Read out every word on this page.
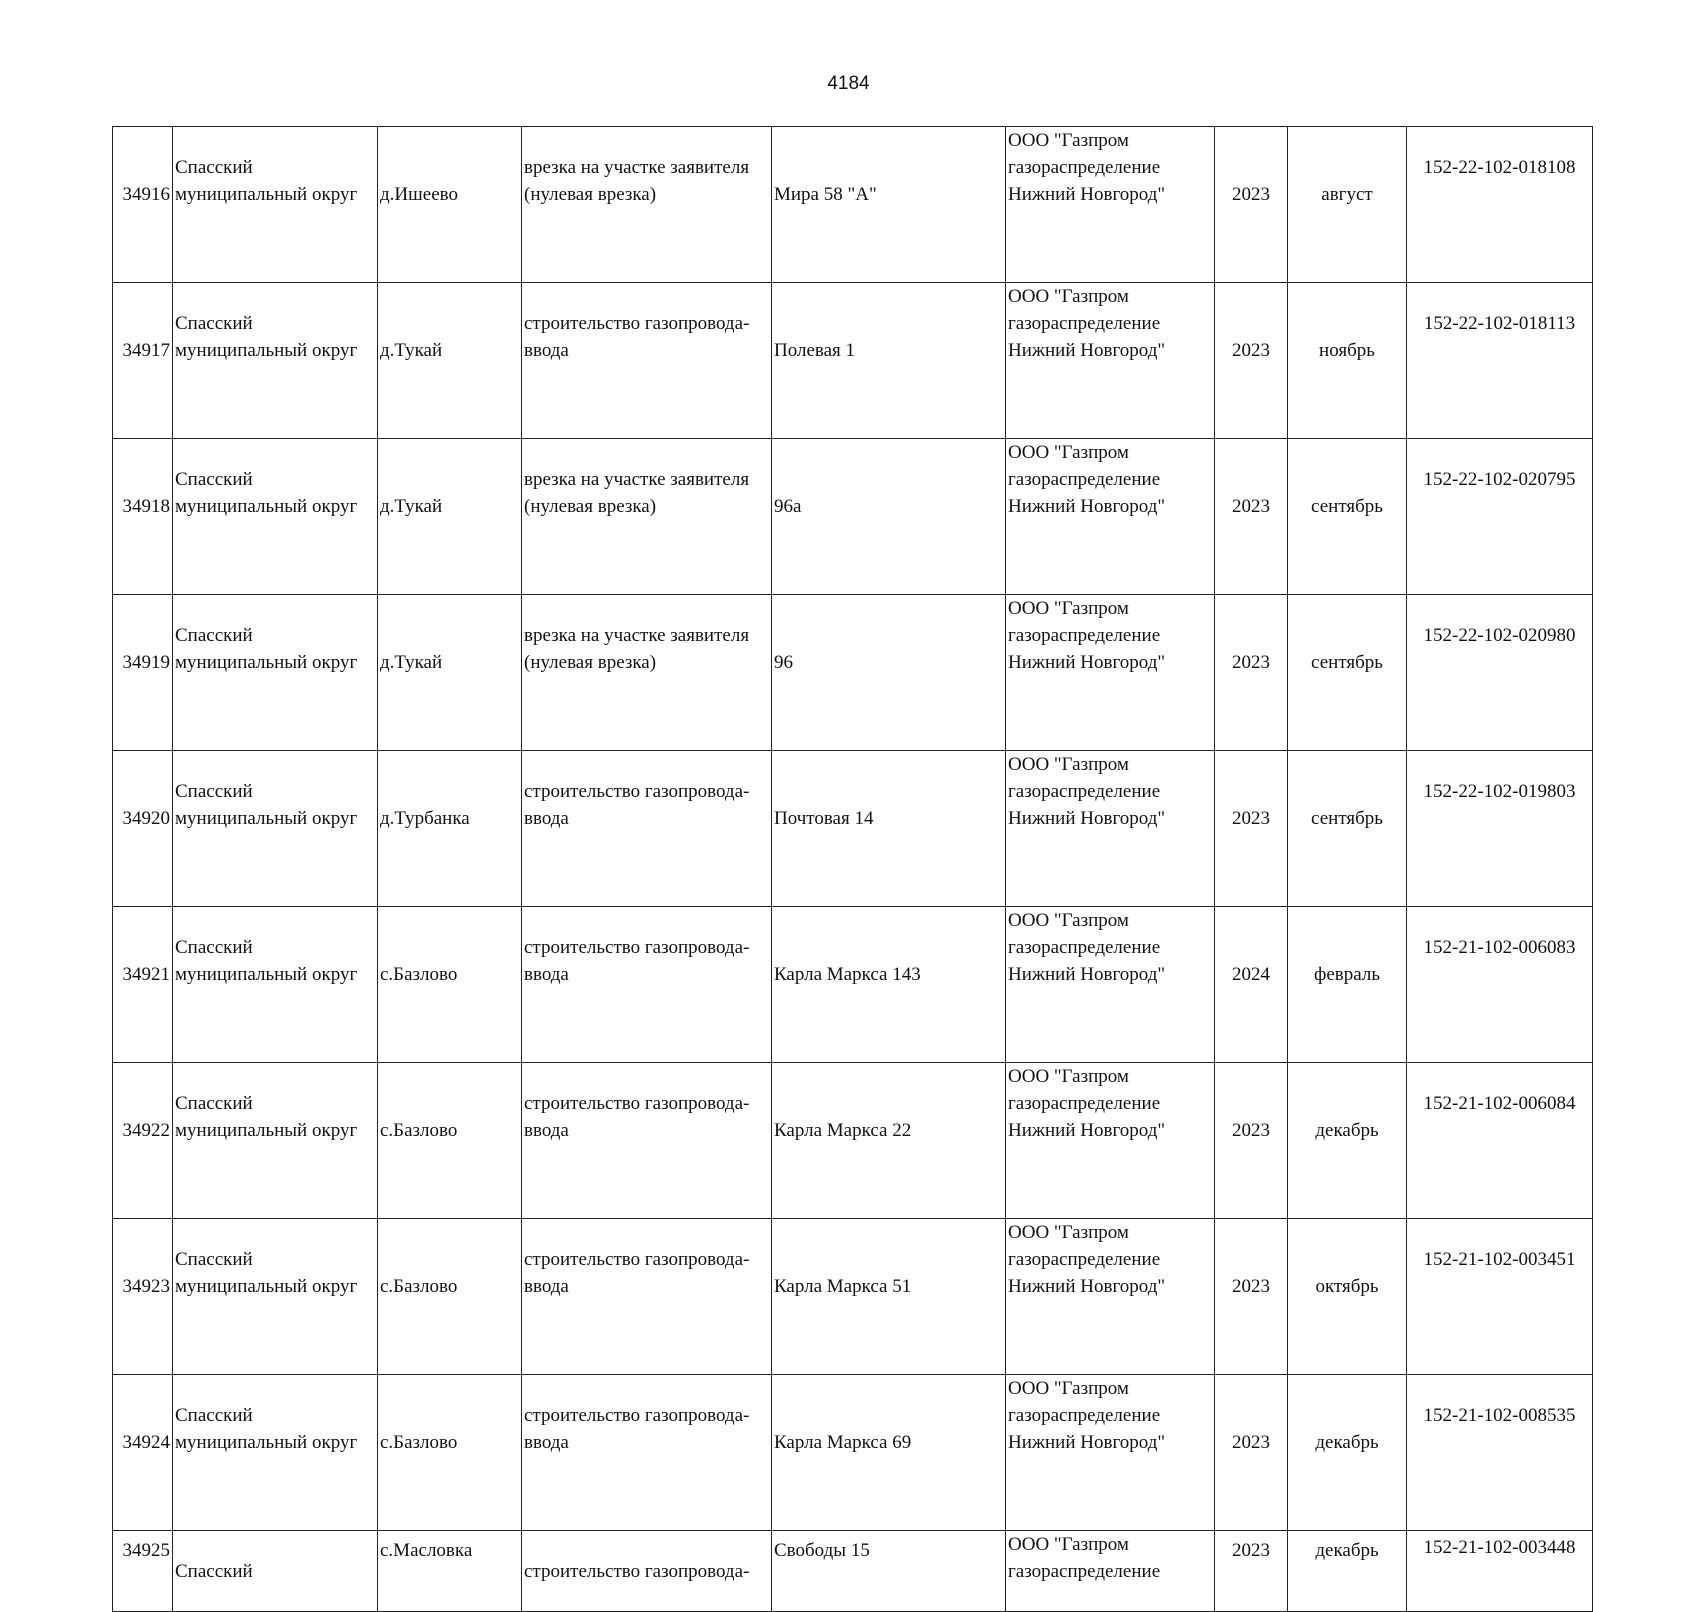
4184
34916	Спасский
муниципальный округ	д.Ишеево	врезка на участке заявителя
(нулевая врезка)	Мира 58 "А"	ООО "Газпром
газораспределение
Нижний Новгород"	2023	август	152-22-102-018108
34917	Спасский
муниципальный округ	д.Тукай	строительство газопровода-
ввода	Полевая 1	ООО "Газпром
газораспределение
Нижний Новгород"	2023	ноябрь	152-22-102-018113
34918	Спасский
муниципальный округ	д.Тукай	врезка на участке заявителя
(нулевая врезка)	96а	ООО "Газпром
газораспределение
Нижний Новгород"	2023	сентябрь	152-22-102-020795
34919	Спасский
муниципальный округ	д.Тукай	врезка на участке заявителя
(нулевая врезка)	96	ООО "Газпром
газораспределение
Нижний Новгород"	2023	сентябрь	152-22-102-020980
34920	Спасский
муниципальный округ	д.Турбанка	строительство газопровода-
ввода	Почтовая 14	ООО "Газпром
газораспределение
Нижний Новгород"	2023	сентябрь	152-22-102-019803
34921	Спасский
муниципальный округ	с.Базлово	строительство газопровода-
ввода	Карла Маркса 143	ООО "Газпром
газораспределение
Нижний Новгород"	2024	февраль	152-21-102-006083
34922	Спасский
муниципальный округ	с.Базлово	строительство газопровода-
ввода	Карла Маркса 22	ООО "Газпром
газораспределение
Нижний Новгород"	2023	декабрь	152-21-102-006084
34923	Спасский
муниципальный округ	с.Базлово	строительство газопровода-
ввода	Карла Маркса 51	ООО "Газпром
газораспределение
Нижний Новгород"	2023	октябрь	152-21-102-003451
34924	Спасский
муниципальный округ	с.Базлово	строительство газопровода-
ввода	Карла Маркса 69	ООО "Газпром
газораспределение
Нижний Новгород"	2023	декабрь	152-21-102-008535
34925	Спасский	с.Масловка	строительство газопровода-	Свободы 15	ООО "Газпром
газораспределение	2023	декабрь	152-21-102-003448
